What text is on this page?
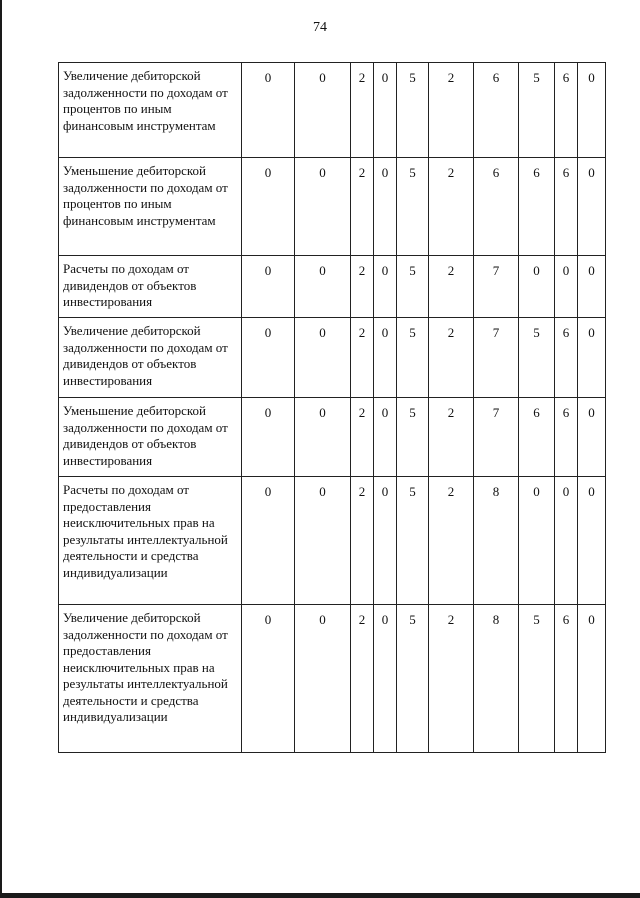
74
Увеличение дебиторской задолженности по доходам от процентов по иным финансовым инструментам	0	0	2	0	5	2	6	5	6	0
Уменьшение дебиторской задолженности по доходам от процентов по иным финансовым инструментам	0	0	2	0	5	2	6	6	6	0
Расчеты по доходам от дивидендов от объектов инвестирования	0	0	2	0	5	2	7	0	0	0
Увеличение дебиторской задолженности по доходам от дивидендов от объектов инвестирования	0	0	2	0	5	2	7	5	6	0
Уменьшение дебиторской задолженности по доходам от дивидендов от объектов инвестирования	0	0	2	0	5	2	7	6	6	0
Расчеты по доходам от предоставления неисключительных прав на результаты интеллектуальной деятельности и средства индивидуализации	0	0	2	0	5	2	8	0	0	0
Увеличение дебиторской задолженности по доходам от предоставления неисключительных прав на результаты интеллектуальной деятельности и средства индивидуализации	0	0	2	0	5	2	8	5	6	0
